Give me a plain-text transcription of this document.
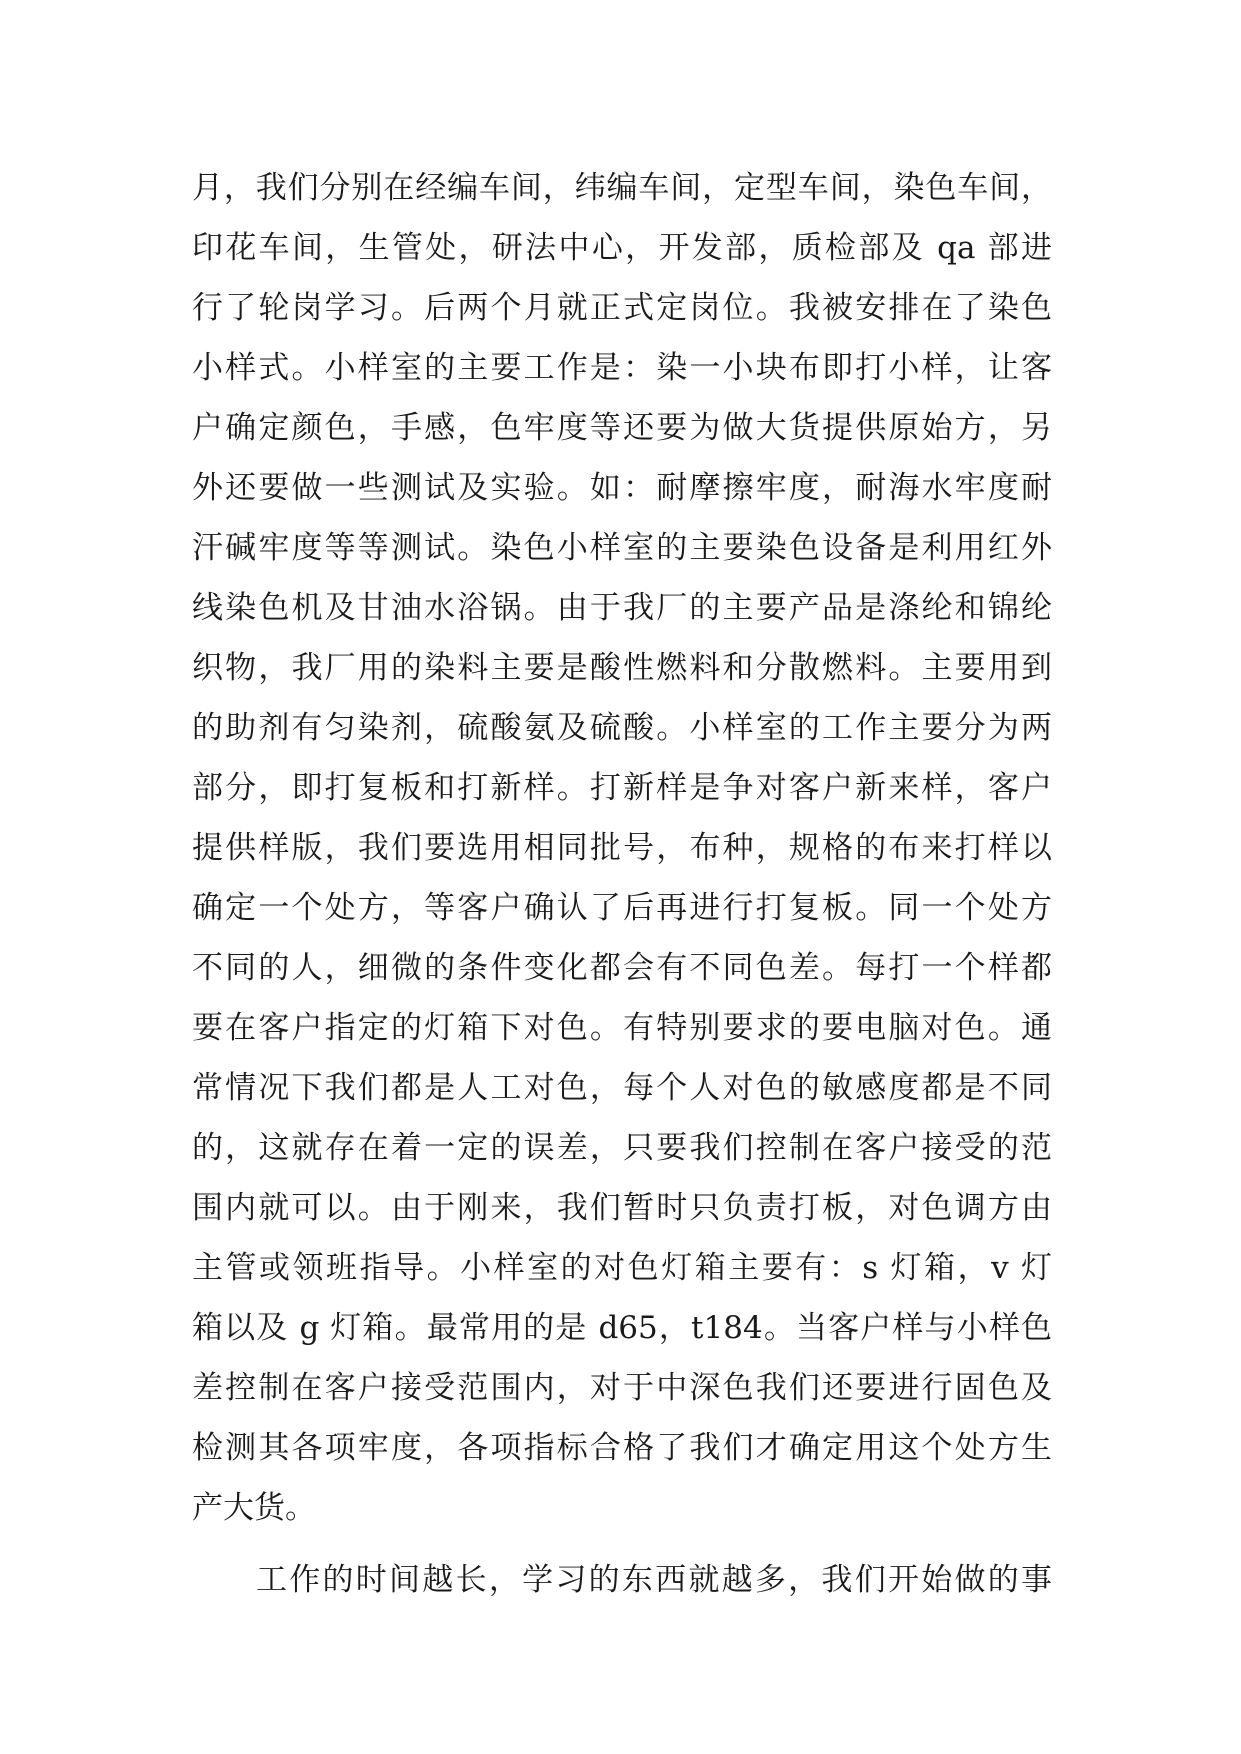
月，我们分别在经编车间，纬编车间，定型车间，染色车间，
印花车间，生管处，研法中心，开发部，质检部及 qa 部进
行了轮岗学习。后两个月就正式定岗位。我被安排在了染色
小样式。小样室的主要工作是：染一小块布即打小样，让客
户确定颜色，手感，色牢度等还要为做大货提供原始方，另
外还要做一些测试及实验。如：耐摩擦牢度，耐海水牢度耐
汗碱牢度等等测试。染色小样室的主要染色设备是利用红外
线染色机及甘油水浴锅。由于我厂的主要产品是涤纶和锦纶
织物，我厂用的染料主要是酸性燃料和分散燃料。主要用到
的助剂有匀染剂，硫酸氨及硫酸。小样室的工作主要分为两
部分，即打复板和打新样。打新样是争对客户新来样，客户
提供样版，我们要选用相同批号，布种，规格的布来打样以
确定一个处方，等客户确认了后再进行打复板。同一个处方
不同的人，细微的条件变化都会有不同色差。每打一个样都
要在客户指定的灯箱下对色。有特别要求的要电脑对色。通
常情况下我们都是人工对色，每个人对色的敏感度都是不同
的，这就存在着一定的误差，只要我们控制在客户接受的范
围内就可以。由于刚来，我们暂时只负责打板，对色调方由
主管或领班指导。小样室的对色灯箱主要有：s 灯箱，v 灯
箱以及 g 灯箱。最常用的是 d65，t184。当客户样与小样色
差控制在客户接受范围内，对于中深色我们还要进行固色及
检测其各项牢度，各项指标合格了我们才确定用这个处方生
产大货。
工作的时间越长，学习的东西就越多，我们开始做的事
